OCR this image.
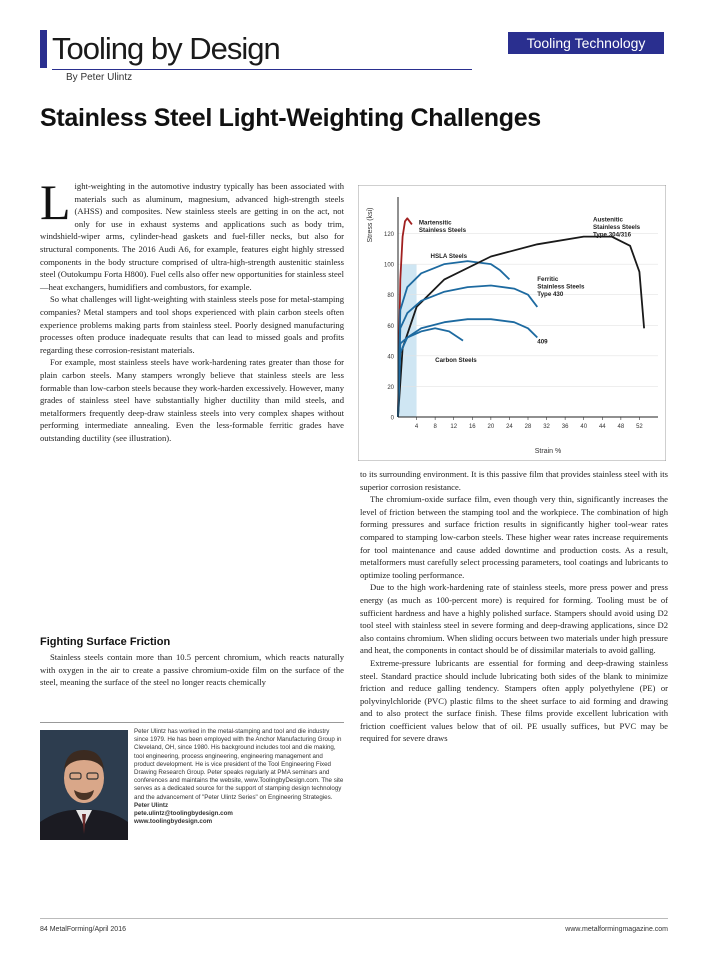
Tooling by Design	Tooling Technology
By Peter Ulintz
Stainless Steel Light-Weighting Challenges
L ight-weighting in the automotive industry typically has been associated with materials such as aluminum, magnesium, advanced high-strength steels (AHSS) and composites. New stainless steels are getting in on the act, not only for use in exhaust systems and applications such as body trim, windshield-wiper arms, cylinder-head gaskets and fuel-filler necks, but also for structural components. The 2016 Audi A6, for example, features eight highly stressed components in the body structure comprised of ultra-high-strength austenitic stainless steel (Outokumpu Forta H800). Fuel cells also offer new opportunities for stainless steel—heat exchangers, humidifiers and combustors, for example.

So what challenges will light-weighting with stainless steels pose for metal-stamping companies? Metal stampers and tool shops experienced with plain carbon steels often experience problems making parts from stainless steel. Poorly designed manufacturing processes often produce inadequate results that can lead to missed goals and profits regarding these corrosion-resistant materials.

For example, most stainless steels have work-hardening rates greater than those for plain carbon steels. Many stampers wrongly believe that stainless steels are less formable than low-carbon steels because they work-harden excessively. However, many grades of stainless steel have substantially higher ductility than mild steels, and metalformers frequently deep-draw stainless steels into very complex shapes without performing intermediate annealing. Even the less-formable ferritic grades have outstanding ductility (see illustration).

Fighting Surface Friction

Stainless steels contain more than 10.5 percent chromium, which reacts naturally with oxygen in the air to create a passive chromium-oxide film on the surface of the steel, meaning the surface of the steel no longer reacts chemically

Peter Ulintz has worked in the metal-stamping and tool and die industry since 1979. He has been employed with the Anchor Manufacturing Group in Cleveland, OH, since 1980. His background includes tool and die making, tool engineering, process engineering, engineering management and product development. He is vice president of the Tool Engineering Fixed Drawing Research Group. Peter speaks regularly at PMA seminars and conferences and maintains the website, www.ToolingbyDesign.com. The site serves as a dedicated source for the support of stamping design technology and the advancement of "Peter Ulintz Series" on Engineering Strategies.
Peter Ulintz
pete.ulintz@toolingbydesign.com
www.toolingbydesign.com
0
20
40
60
80
100
120
4	8 12 16 20 24 28 32 36 40 44 48 52
Martensitic Stainless Steels
HSLA Steels
Austenitic Stainless Steels Type 304/316
Ferritic Stainless Steels Type 430
409
Carbon Steels
Stress (ksi)
Strain %

to its surrounding environment. It is this passive film that provides stainless steel with its superior corrosion resistance.

The chromium-oxide surface film, even though very thin, significantly increases the level of friction between the stamping tool and the workpiece. The combination of high forming pressures and surface friction results in significantly higher tool-wear rates compared to stamping low-carbon steels. These higher wear rates increase requirements for tool maintenance and cause added downtime and production costs. As a result, metalformers must carefully select processing parameters, tool coatings and lubricants to optimize tooling performance.

Due to the high work-hardening rate of stainless steels, more press power and press energy (as much as 100-percent more) is required for forming. Tooling must be of sufficient hardness and have a highly polished surface. Stampers should avoid using D2 tool steel with stainless steel in severe forming and deep-drawing applications, since D2 also contains chromium. When sliding occurs between two materials under high pressure and heat, the components in contact should be of dissimilar materials to avoid galling.

Extreme-pressure lubricants are essential for forming and deep-drawing stainless steel. Standard practice should include lubricating both sides of the blank to minimize friction and reduce galling tendency. Stampers often apply polyethylene (PE) or polyvinylchloride (PVC) plastic films to the sheet surface to aid forming and drawing and to also protect the surface finish. These films provide excellent lubrication with friction coefficient values below that of oil. PE usually suffices, but PVC may be required for severe draws

84 MetalForming/April 2016	www.metalformingmagazine.com
